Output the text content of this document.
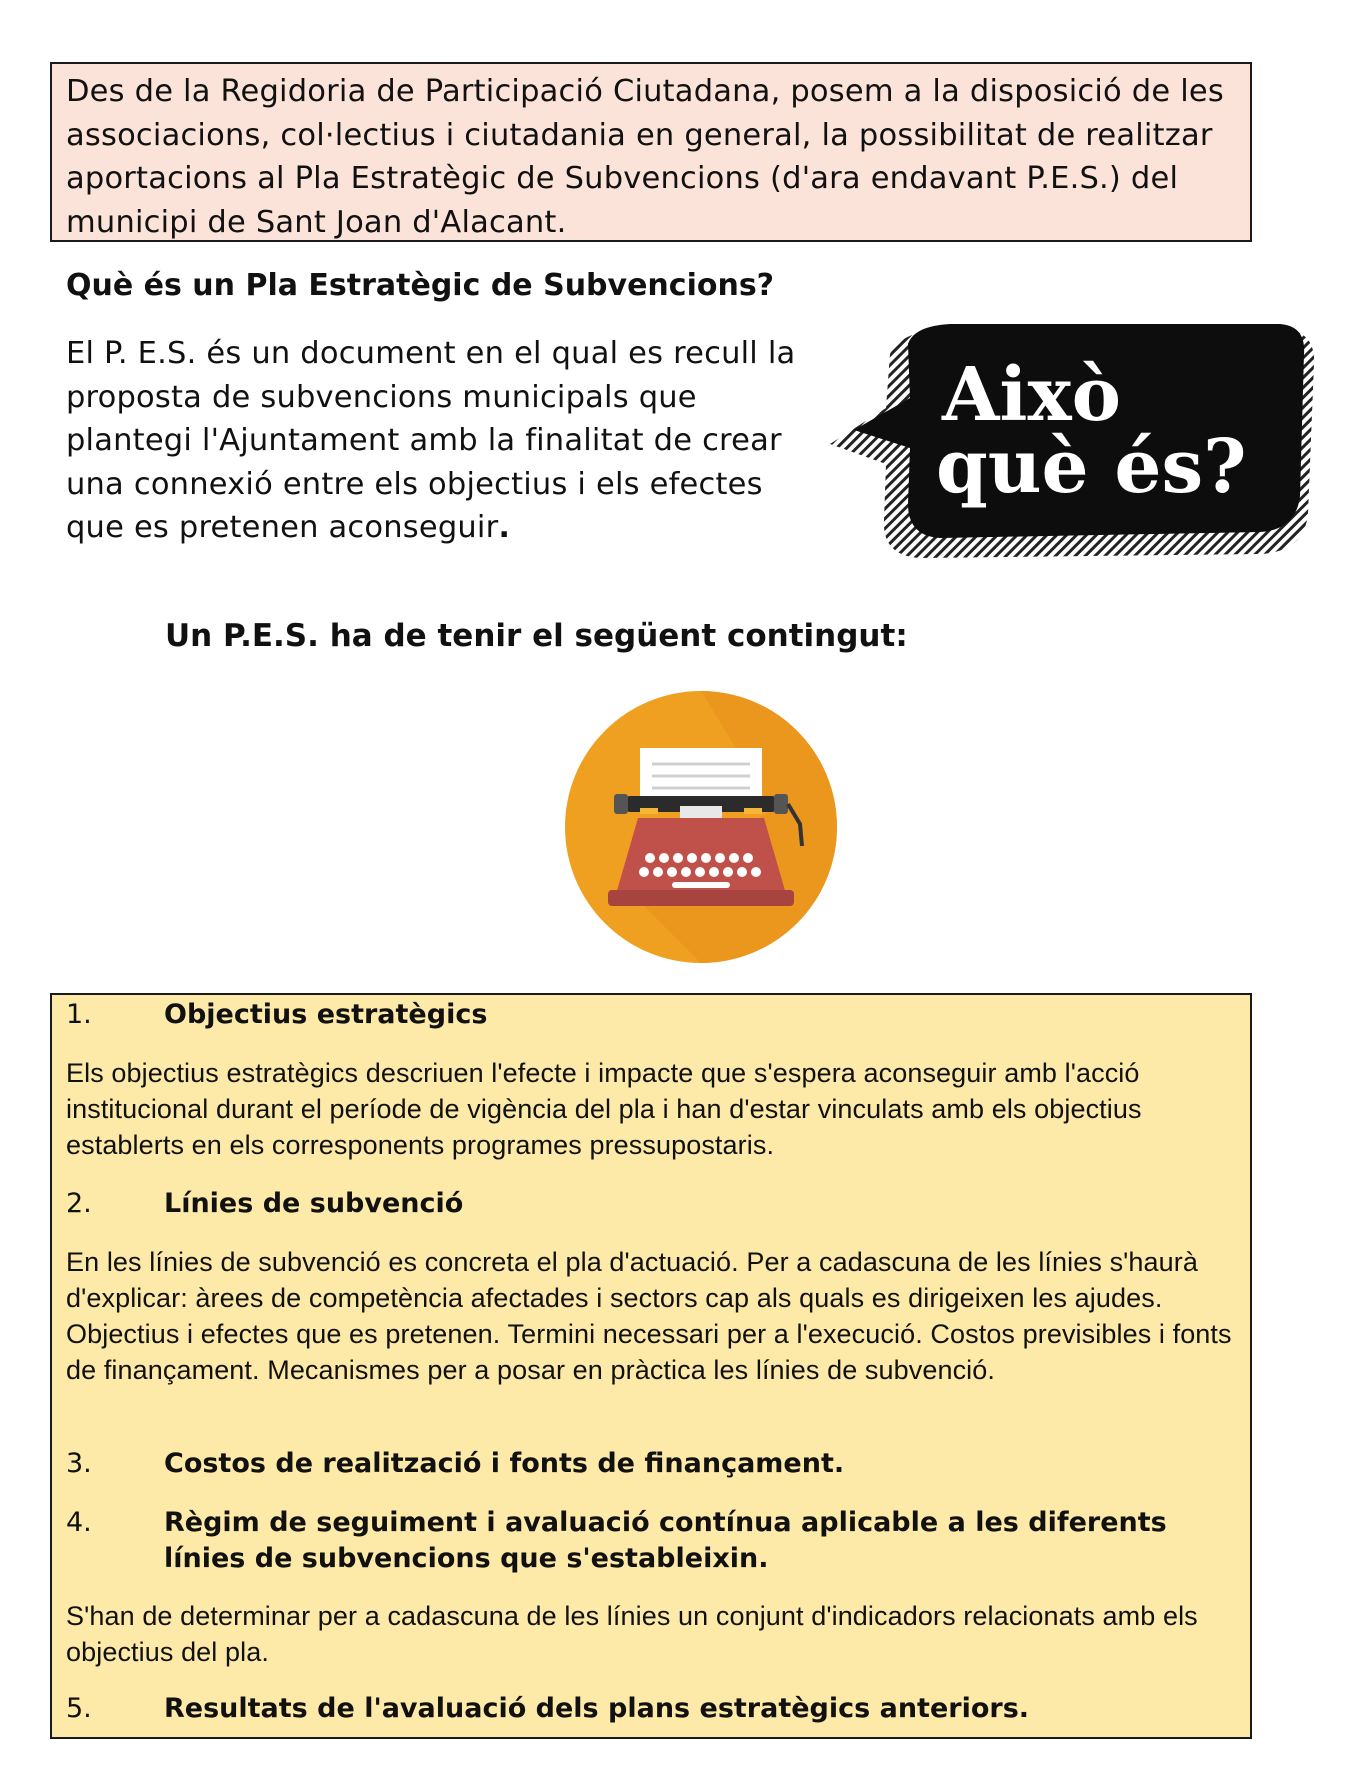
Des de la Regidoria de Participació Ciutadana, posem a la disposició de les associacions, col·lectius i ciutadania en general, la possibilitat de realitzar aportacions al Pla Estratègic de Subvencions (d'ara endavant P.E.S.) del municipi de Sant Joan d'Alacant.
Què és un Pla Estratègic de Subvencions?

El P. E.S. és un document en el qual es recull la proposta de subvencions municipals que plantegi l'Ajuntament amb la finalitat de crear una connexió entre els objectius i els efectes que es pretenen aconseguir.

Això
què és?
Un P.E.S. ha de tenir el següent contingut:
1.	Objectius estratègics

Els objectius estratègics descriuen l'efecte i impacte que s'espera aconseguir amb l'acció institucional durant el període de vigència del pla i han d'estar vinculats amb els objectius establerts en els corresponents programes pressupostaris.

2.	Línies de subvenció

En les línies de subvenció es concreta el pla d'actuació. Per a cadascuna de les línies s'haurà d'explicar: àrees de competència afectades i sectors cap als quals es dirigeixen les ajudes. Objectius i efectes que es pretenen. Termini necessari per a l'execució. Costos previsibles i fonts de finançament. Mecanismes per a posar en pràctica les línies de subvenció.

3.	Costos de realització i fonts de finançament.
4.	Règim de seguiment i avaluació contínua aplicable a les diferents línies de subvencions que s'estableixin.

S'han de determinar per a cadascuna de les línies un conjunt d'indicadors relacionats amb els objectius del pla.

5.	Resultats de l'avaluació dels plans estratègics anteriors.
